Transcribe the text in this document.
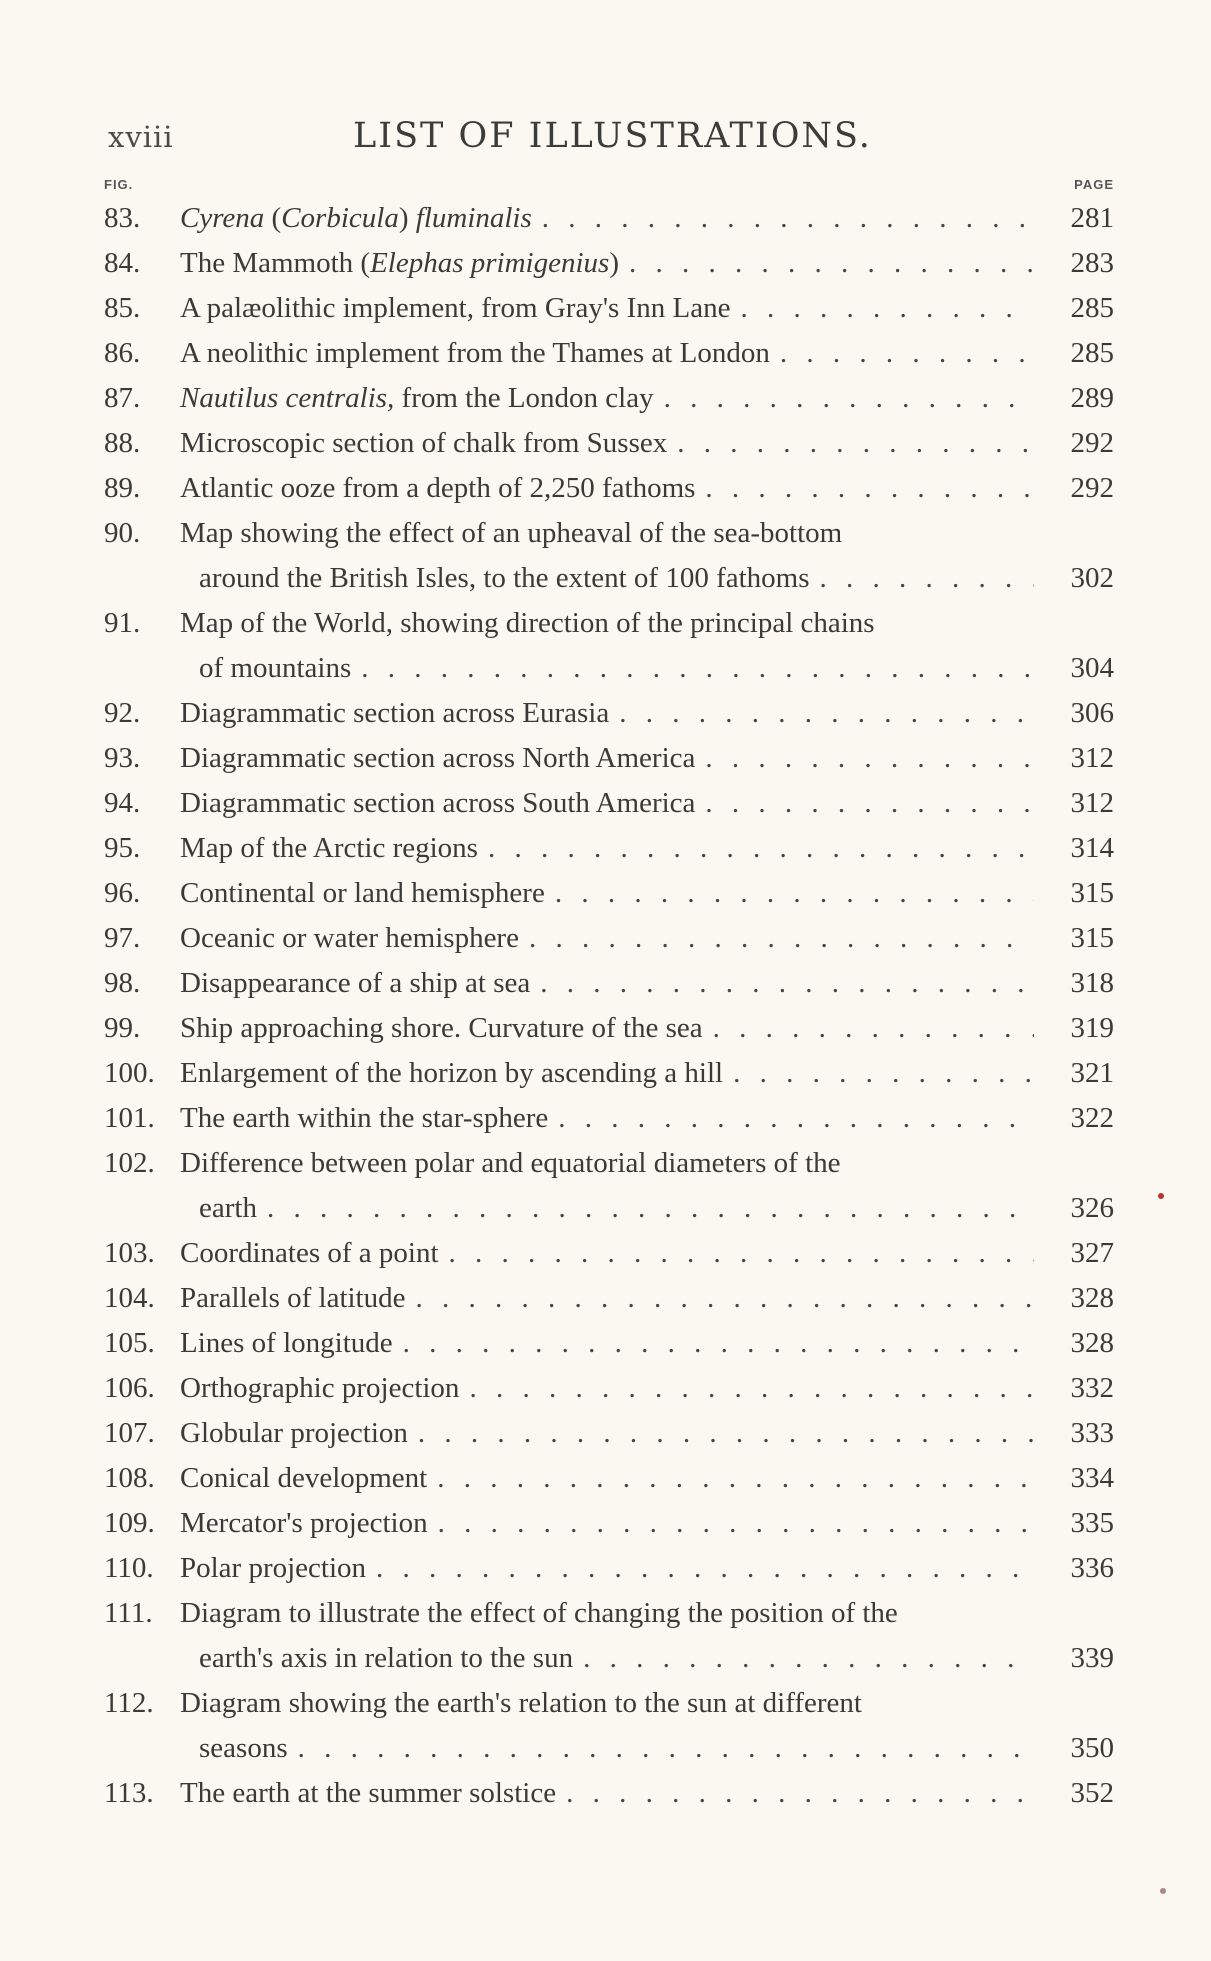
xviii	LIST OF ILLUSTRATIONS.
FIG.	PAGE
83. Cyrena (Corbicula) fluminalis . . .	281
84. The Mammoth (Elephas primigenius) . . .	283
85. A palæolithic implement, from Gray's Inn Lane . . .	285
86. A neolithic implement from the Thames at London . . .	285
87. Nautilus centralis, from the London clay . . .	289
88. Microscopic section of chalk from Sussex . . .	292
89. Atlantic ooze from a depth of 2,250 fathoms . . .	292
90. Map showing the effect of an upheaval of the sea-bottom
around the British Isles, to the extent of 100 fathoms . . .	302
91. Map of the World, showing direction of the principal chains
of mountains . . .	304
92. Diagrammatic section across Eurasia . . .	306
93. Diagrammatic section across North America . . .	312
94. Diagrammatic section across South America . . .	312
95. Map of the Arctic regions . . .	314
96. Continental or land hemisphere . . .	315
97. Oceanic or water hemisphere . . .	315
98. Disappearance of a ship at sea . . .	318
99. Ship approaching shore. Curvature of the sea . . .	319
100. Enlargement of the horizon by ascending a hill . . .	321
101. The earth within the star-sphere . . .	322
102. Difference between polar and equatorial diameters of the
earth . . .	326
103. Coordinates of a point . . .	327
104. Parallels of latitude . . .	328
105. Lines of longitude . . .	328
106. Orthographic projection . . .	332
107. Globular projection . . .	333
108. Conical development . . .	334
109. Mercator's projection . . .	335
110. Polar projection . . .	336
111. Diagram to illustrate the effect of changing the position of the
earth's axis in relation to the sun . . .	339
112. Diagram showing the earth's relation to the sun at different
seasons . . .	350
113. The earth at the summer solstice . . .	352
